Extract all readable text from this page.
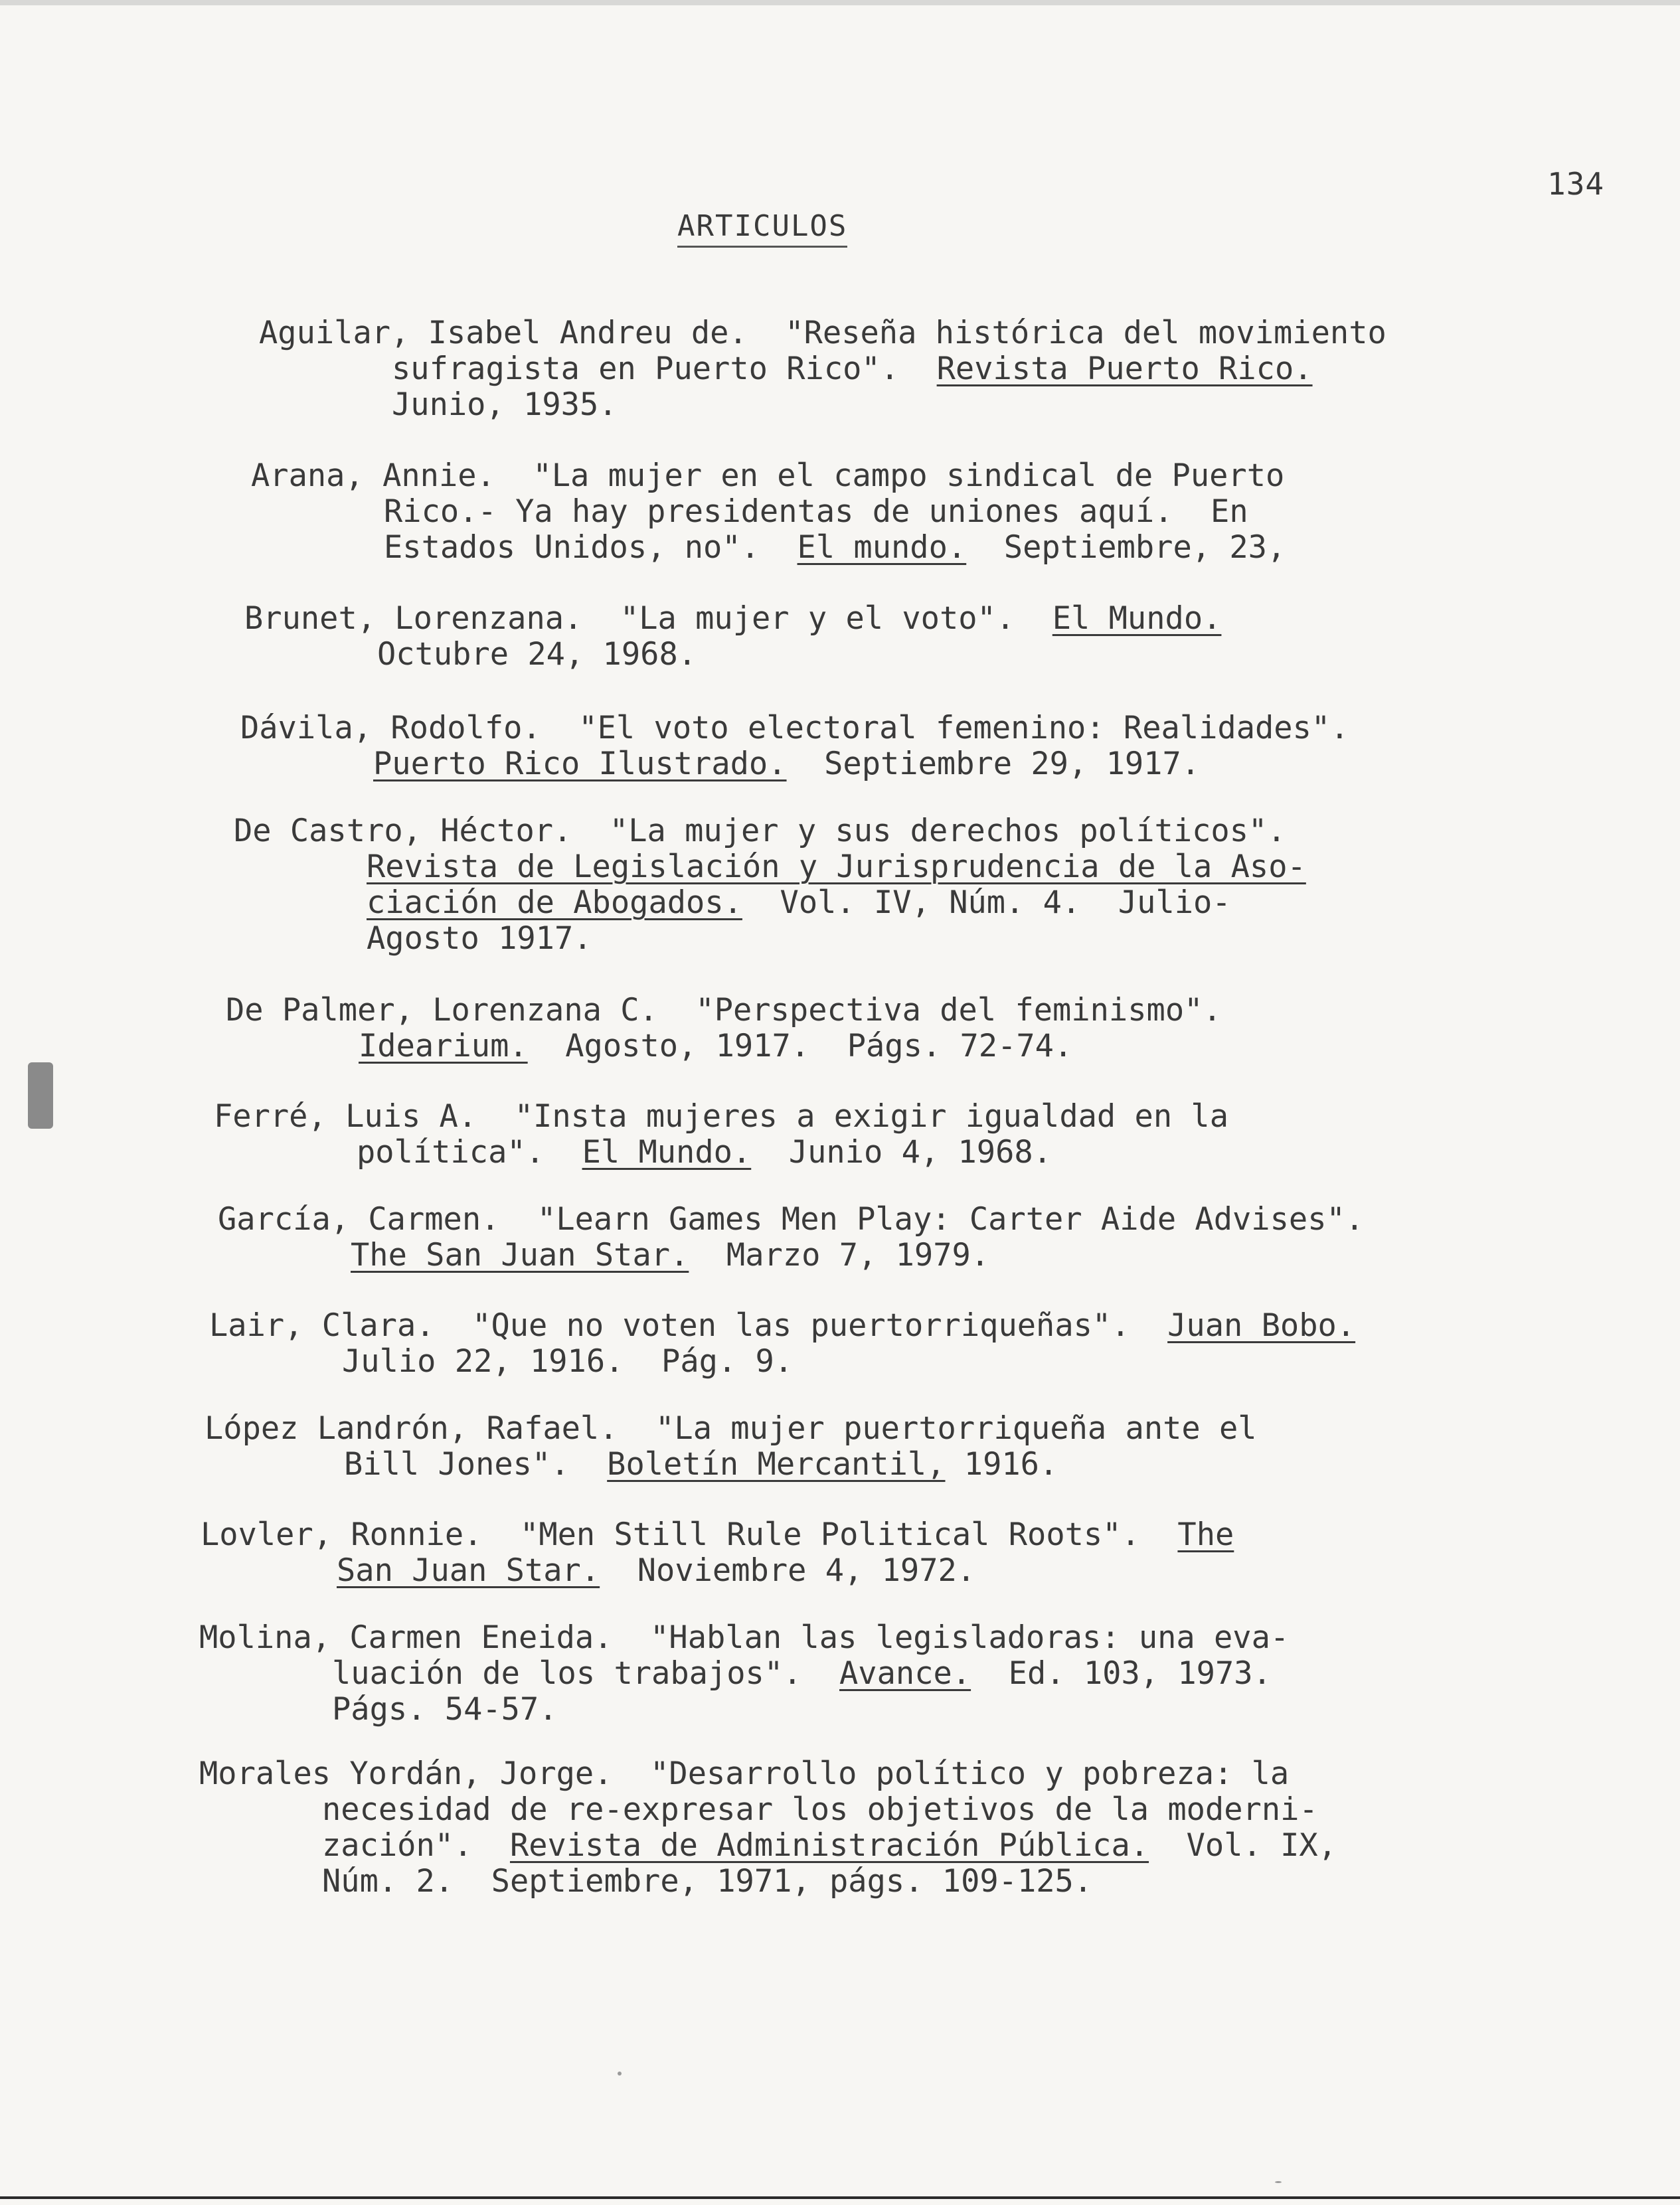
134
ARTICULOS
Aguilar, Isabel Andreu de.  "Reseña histórica del movimiento
sufragista en Puerto Rico".  Revista Puerto Rico.
Junio, 1935.
Arana, Annie.  "La mujer en el campo sindical de Puerto
Rico.- Ya hay presidentas de uniones aquí.  En
Estados Unidos, no".  El mundo.  Septiembre, 23,
Brunet, Lorenzana.  "La mujer y el voto".  El Mundo.
Octubre 24, 1968.
Dávila, Rodolfo.  "El voto electoral femenino: Realidades".
Puerto Rico Ilustrado.  Septiembre 29, 1917.
De Castro, Héctor.  "La mujer y sus derechos políticos".
Revista de Legislación y Jurisprudencia de la Aso-
ciación de Abogados.  Vol. IV, Núm. 4.  Julio-
Agosto 1917.
De Palmer, Lorenzana C.  "Perspectiva del feminismo".
Idearium.  Agosto, 1917.  Págs. 72-74.
Ferré, Luis A.  "Insta mujeres a exigir igualdad en la
política".  El Mundo.  Junio 4, 1968.
García, Carmen.  "Learn Games Men Play: Carter Aide Advises".
The San Juan Star.  Marzo 7, 1979.
Lair, Clara.  "Que no voten las puertorriqueñas".  Juan Bobo.
Julio 22, 1916.  Pág. 9.
López Landrón, Rafael.  "La mujer puertorriqueña ante el
Bill Jones".  Boletín Mercantil, 1916.
Lovler, Ronnie.  "Men Still Rule Political Roots".  The
San Juan Star.  Noviembre 4, 1972.
Molina, Carmen Eneida.  "Hablan las legisladoras: una eva-
luación de los trabajos".  Avance.  Ed. 103, 1973.
Págs. 54-57.
Morales Yordán, Jorge.  "Desarrollo político y pobreza: la
necesidad de re-expresar los objetivos de la moderni-
zación".  Revista de Administración Pública.  Vol. IX,
Núm. 2.  Septiembre, 1971, págs. 109-125.
